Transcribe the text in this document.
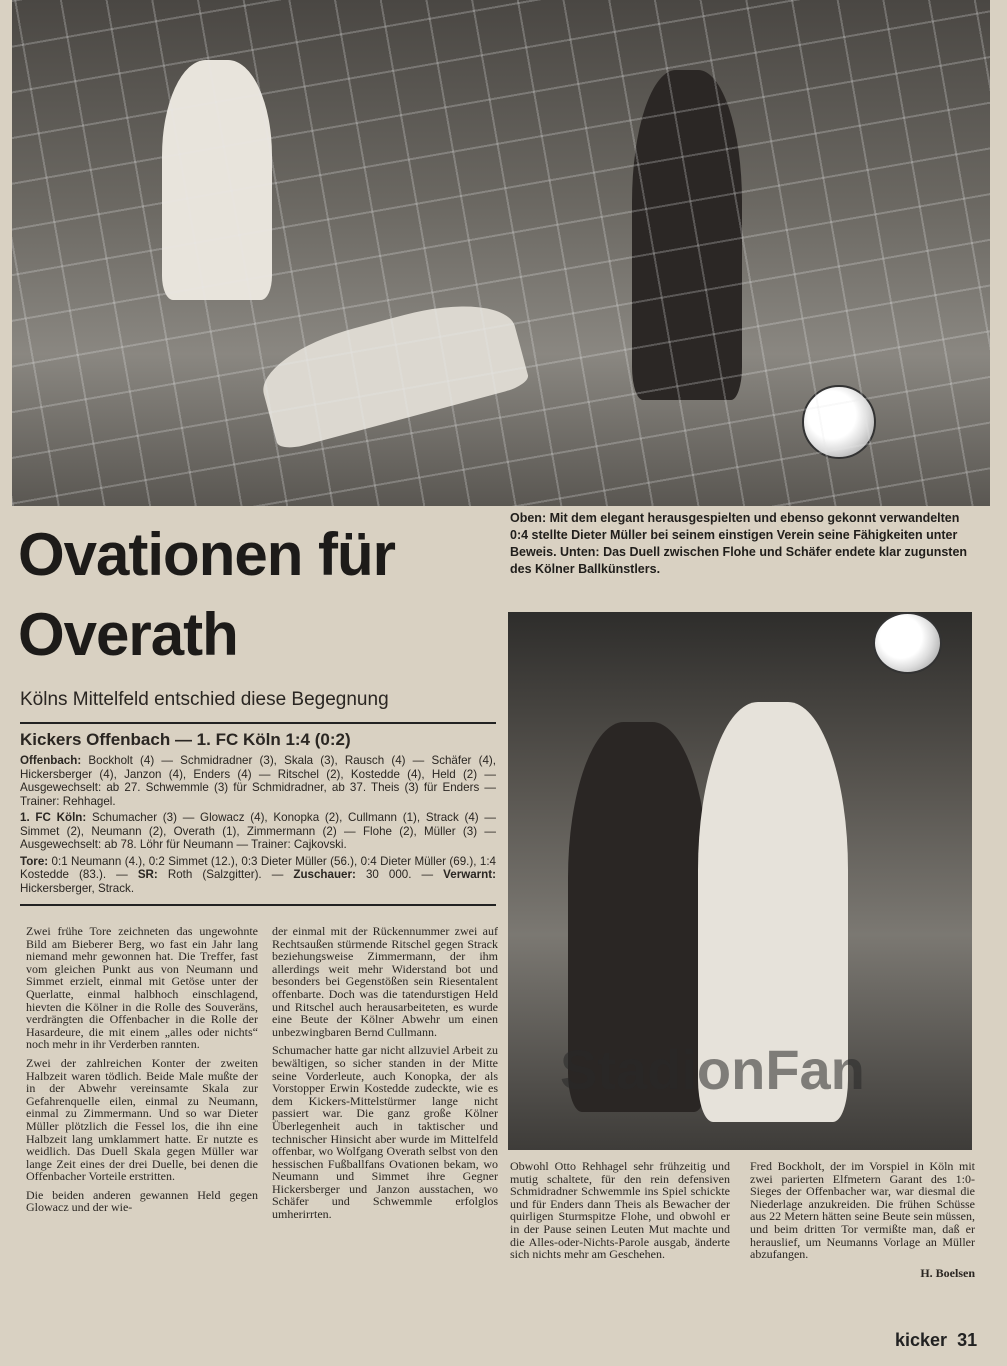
Ovationen für
Overath
Oben: Mit dem elegant herausgespielten und ebenso gekonnt verwandelten 0:4 stellte Dieter Müller bei seinem einstigen Verein seine Fähigkeiten unter Beweis. Unten: Das Duell zwischen Flohe und Schäfer endete klar zugunsten des Kölner Ballkünstlers.
Kölns Mittelfeld entschied diese Begegnung
Kickers Offenbach — 1. FC Köln 1:4 (0:2)

Offenbach: Bockholt (4) — Schmidradner (3), Skala (3), Rausch (4) — Schäfer (4), Hickersberger (4), Janzon (4), Enders (4) — Ritschel (2), Kostedde (4), Held (2) — Ausgewechselt: ab 27. Schwemmle (3) für Schmidradner, ab 37. Theis (3) für Enders — Trainer: Rehhagel.

1. FC Köln: Schumacher (3) — Glowacz (4), Konopka (2), Cullmann (1), Strack (4) — Simmet (2), Neumann (2), Overath (1), Zimmermann (2) — Flohe (2), Müller (3) — Ausgewechselt: ab 78. Löhr für Neumann — Trainer: Cajkovski.

Tore: 0:1 Neumann (4.), 0:2 Simmet (12.), 0:3 Dieter Müller (56.), 0:4 Dieter Müller (69.), 1:4 Kostedde (83.). — SR: Roth (Salzgitter). — Zuschauer: 30 000. — Verwarnt: Hickersberger, Strack.

Zwei frühe Tore zeichneten das ungewohnte Bild am Bieberer Berg, wo fast ein Jahr lang niemand mehr gewonnen hat. Die Treffer, fast vom gleichen Punkt aus von Neumann und Simmet erzielt, einmal mit Getöse unter der Querlatte, einmal halbhoch einschlagend, hievten die Kölner in die Rolle des Souveräns, verdrängten die Offenbacher in die Rolle der Hasardeure, die mit einem „alles oder nichts“ noch mehr in ihr Verderben rannten.

Zwei der zahlreichen Konter der zweiten Halbzeit waren tödlich. Beide Male mußte der in der Abwehr vereinsamte Skala zur Gefahrenquelle eilen, einmal zu Neumann, einmal zu Zimmermann. Und so war Dieter Müller plötzlich die Fessel los, die ihn eine Halbzeit lang umklammert hatte. Er nutzte es weidlich. Das Duell Skala gegen Müller war lange Zeit eines der drei Duelle, bei denen die Offenbacher Vorteile erstritten.

Die beiden anderen gewannen Held gegen Glowacz und der wie-

der einmal mit der Rückennummer zwei auf Rechtsaußen stürmende Ritschel gegen Strack beziehungsweise Zimmermann, der ihm allerdings weit mehr Widerstand bot und besonders bei Gegenstößen sein Riesentalent offenbarte. Doch was die tatendurstigen Held und Ritschel auch herausarbeiteten, es wurde eine Beute der Kölner Abwehr um einen unbezwingbaren Bernd Cullmann.

Schumacher hatte gar nicht allzuviel Arbeit zu bewältigen, so sicher standen in der Mitte seine Vorderleute, auch Konopka, der als Vorstopper Erwin Kostedde zudeckte, wie es dem Kickers-Mittelstürmer lange nicht passiert war. Die ganz große Kölner Überlegenheit auch in taktischer und technischer Hinsicht aber wurde im Mittelfeld offenbar, wo Wolfgang Overath selbst von den hessischen Fußballfans Ovationen bekam, wo Neumann und Simmet ihre Gegner Hickersberger und Janzon ausstachen, wo Schäfer und Schwemmle erfolglos umherirrten.

Obwohl Otto Rehhagel sehr frühzeitig und mutig schaltete, für den rein defensiven Schmidradner Schwemmle ins Spiel schickte und für Enders dann Theis als Bewacher der quirligen Sturmspitze Flohe, und obwohl er in der Pause seinen Leuten Mut machte und die Alles-oder-Nichts-Parole ausgab, änderte sich nichts mehr am Geschehen.

Fred Bockholt, der im Vorspiel in Köln mit zwei parierten Elfmetern Garant des 1:0-Sieges der Offenbacher war, war diesmal die Niederlage anzukreiden. Die frühen Schüsse aus 22 Metern hätten seine Beute sein müssen, und beim dritten Tor vermißte man, daß er herauslief, um Neumanns Vorlage an Müller abzufangen.

H. Boelsen
StadionFan
kicker 31
